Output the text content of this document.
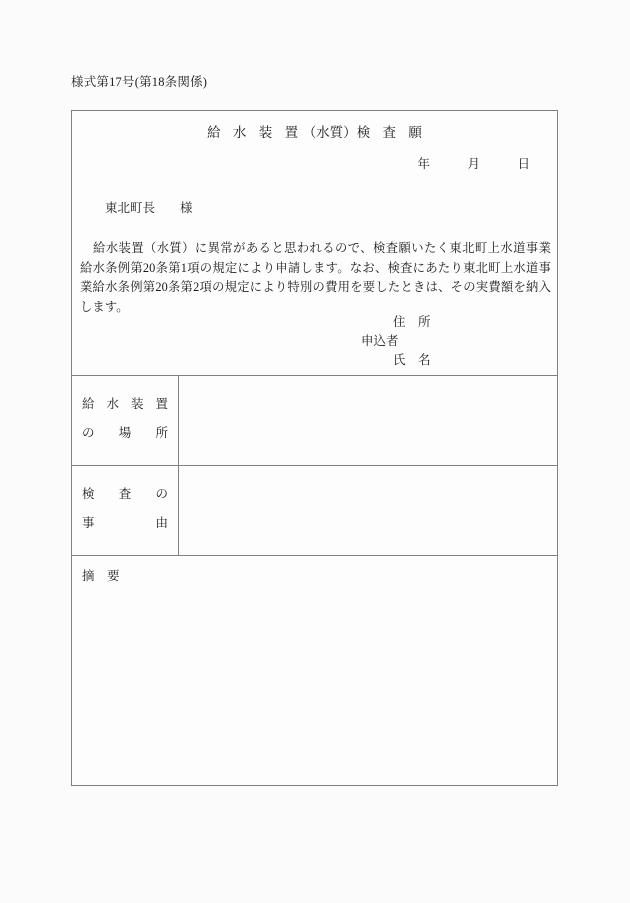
様式第17号(第18条関係)
給 水 装 置（水質）検 査 願
年　　　月　　　日
東北町長　　様
給水装置（水質）に異常があると思われるので、検査願いたく東北町上水道事業給水条例第20条第1項の規定により申請します。なお、検査にあたり東北町上水道事業給水条例第20条第2項の規定により特別の費用を要したときは、その実費額を納入します。
住　所
申込者
氏　名
給水装置
の場所
検査の
事由
摘　要
